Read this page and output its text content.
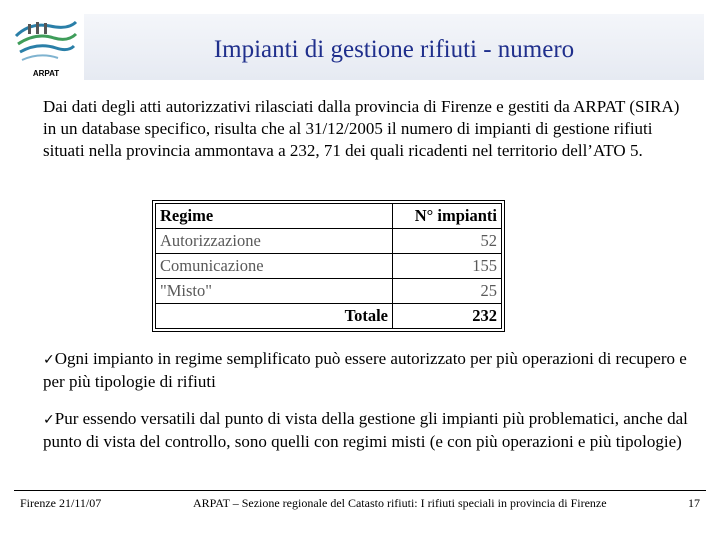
ARPAT
Impianti di gestione rifiuti - numero
Dai dati degli atti autorizzativi rilasciati dalla provincia di Firenze e gestiti da ARPAT (SIRA) in un database specifico, risulta che al 31/12/2005 il numero di impianti di gestione rifiuti situati nella provincia ammontava a 232, 71 dei quali ricadenti nel territorio dell’ATO 5.
Regime	N° impianti
Autorizzazione	52
Comunicazione	155
"Misto"	25
Totale	232
✓Ogni impianto in regime semplificato può essere autorizzato per più operazioni di recupero e per più tipologie di rifiuti
✓Pur essendo versatili dal punto di vista della gestione gli impianti più problematici, anche dal punto di vista del controllo, sono quelli con regimi misti (e con più operazioni e più tipologie)
Firenze 21/11/07	ARPAT – Sezione regionale del Catasto rifiuti: I rifiuti speciali in provincia di Firenze	17
